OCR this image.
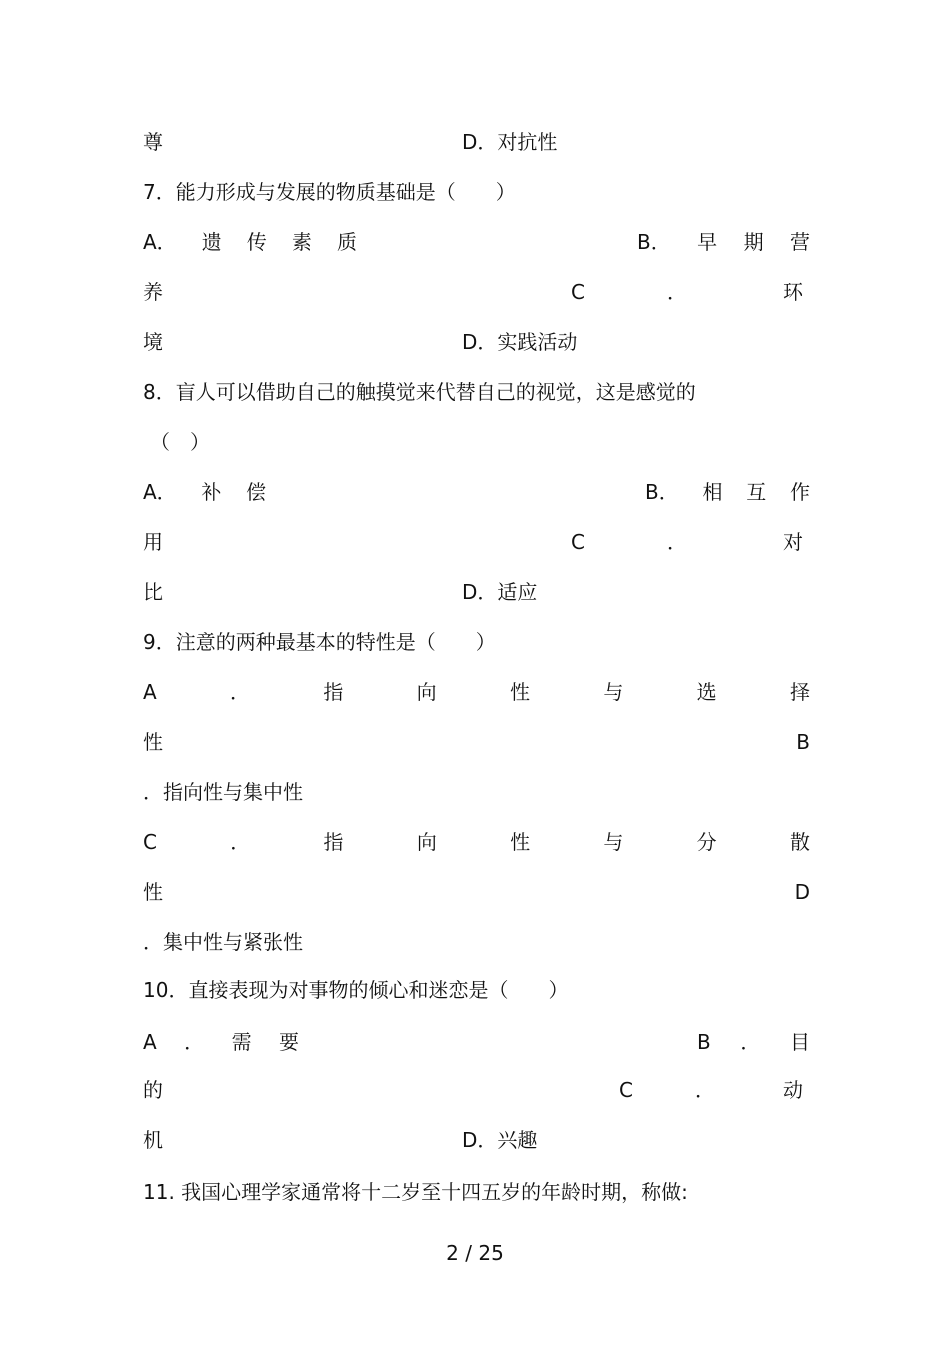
尊	D．对抗性
7．能力形成与发展的物质基础是（　　）
A． 遗 传 素 质	B． 早 期 营
养	C	．	环
境	D．实践活动
8．盲人可以借助自己的触摸觉来代替自己的视觉，这是感觉的
（　）
A． 补 偿	B． 相 互 作
用	C	．	对
比	D．适应
9．注意的两种最基本的特性是（　　）
A	．	指	向	性	与	选	择
性	B
．指向性与集中性
C	．	指	向	性	与	分	散
性	D
．集中性与紧张性
10．直接表现为对事物的倾心和迷恋是（　　）
A ． 需 要	B ． 目
的	C	．	动
机	D．兴趣
11. 我国心理学家通常将十二岁至十四五岁的年龄时期，称做:
2 / 25
